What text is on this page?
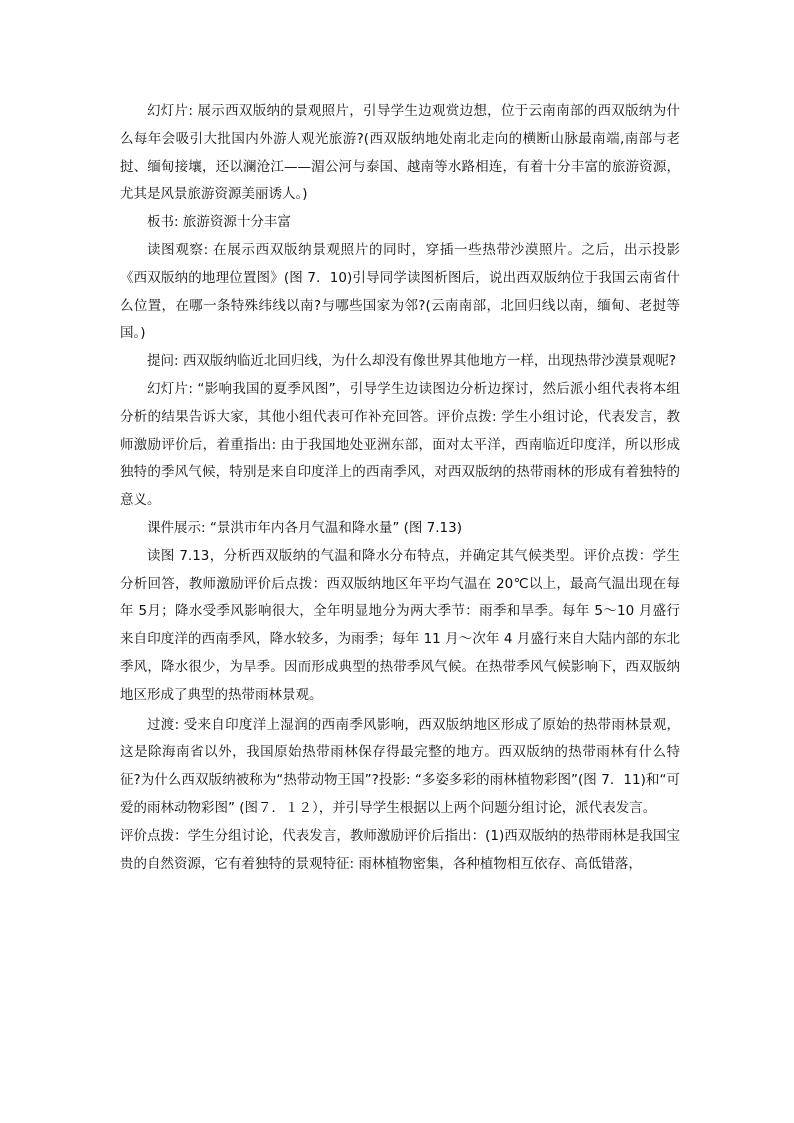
幻灯片: 展示西双版纳的景观照片，引导学生边观赏边想，位于云南南部的西双版纳为什么每年会吸引大批国内外游人观光旅游?(西双版纳地处南北走向的横断山脉最南端,南部与老挝、缅甸接壤，还以澜沧江——湄公河与泰国、越南等水路相连，有着十分丰富的旅游资源，尤其是风景旅游资源美丽诱人。)

板书: 旅游资源十分丰富

读图观察: 在展示西双版纳景观照片的同时，穿插一些热带沙漠照片。之后，出示投影《西双版纳的地理位置图》(图 7．10)引导同学读图析图后，说出西双版纳位于我国云南省什么位置，在哪一条特殊纬线以南?与哪些国家为邻?(云南南部，北回归线以南，缅甸、老挝等国。)

提问: 西双版纳临近北回归线，为什么却没有像世界其他地方一样，出现热带沙漠景观呢?

幻灯片: “影响我国的夏季风图”，引导学生边读图边分析边探讨，然后派小组代表将本组分析的结果告诉大家，其他小组代表可作补充回答。评价点拨: 学生小组讨论，代表发言，教师激励评价后，着重指出: 由于我国地处亚洲东部，面对太平洋，西南临近印度洋，所以形成独特的季风气候，特别是来自印度洋上的西南季风，对西双版纳的热带雨林的形成有着独特的意义。

课件展示: “景洪市年内各月气温和降水量” (图 7.13)

读图 7.13，分析西双版纳的气温和降水分布特点，并确定其气候类型。评价点拨：学生分析回答，教师激励评价后点拨：西双版纳地区年平均气温在 20℃以上，最高气温出现在每年 5月；降水受季风影响很大，全年明显地分为两大季节：雨季和旱季。每年 5～10 月盛行来自印度洋的西南季风，降水较多，为雨季；每年 11 月～次年 4 月盛行来自大陆内部的东北季风，降水很少，为旱季。因而形成典型的热带季风气候。在热带季风气候影响下，西双版纳地区形成了典型的热带雨林景观。

过渡: 受来自印度洋上湿润的西南季风影响，西双版纳地区形成了原始的热带雨林景观，这是除海南省以外，我国原始热带雨林保存得最完整的地方。西双版纳的热带雨林有什么特征?为什么西双版纳被称为“热带动物王国”?投影: “多姿多彩的雨林植物彩图”(图 7．11)和“可爱的雨林动物彩图” (图７．１２），并引导学生根据以上两个问题分组讨论，派代表发言。

评价点拨：学生分组讨论，代表发言，教师激励评价后指出：(1)西双版纳的热带雨林是我国宝贵的自然资源，它有着独特的景观特征: 雨林植物密集，各种植物相互依存、高低错落，
